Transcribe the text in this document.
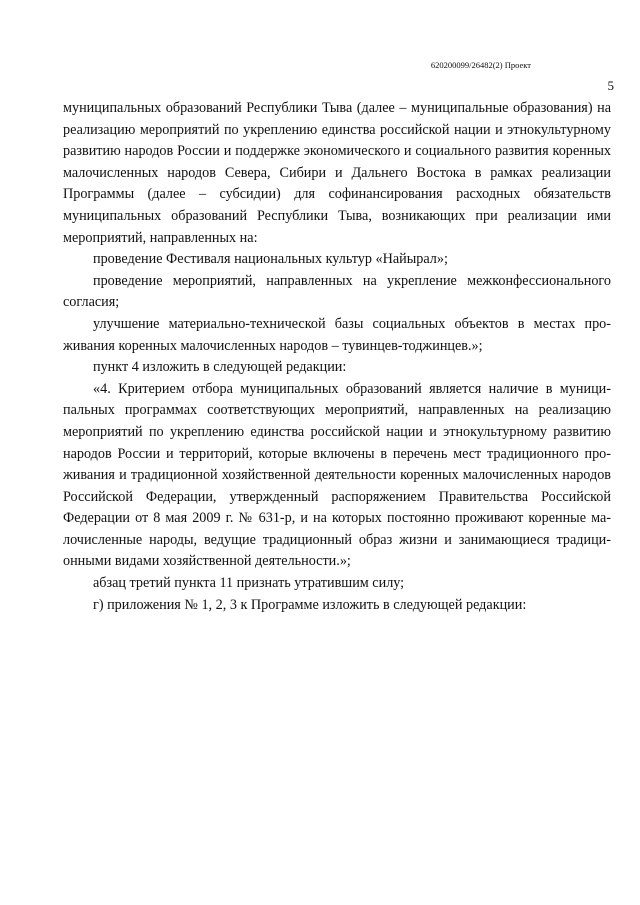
620200099/26482(2) Проект
5

муниципальных образований Республики Тыва (далее – муниципальные образования) на реализацию мероприятий по укреплению единства российской нации и этнокультурному развитию народов России и поддержке экономического и социального развития коренных малочисленных народов Севера, Сибири и Дальнего Востока в рамках реализации Программы (далее – субсидии) для софинансирования расходных обязательств муниципальных образований Республики Тыва, возникающих при реализации ими мероприятий, направленных на:

проведение Фестиваля национальных культур «Найырал»;

проведение мероприятий, направленных на укрепление межконфессионального согласия;

улучшение материально-технической базы социальных объектов в местах проживания коренных малочисленных народов – тувинцев-тоджинцев.»;

пункт 4 изложить в следующей редакции:

«4. Критерием отбора муниципальных образований является наличие в муниципальных программах соответствующих мероприятий, направленных на реализацию мероприятий по укреплению единства российской нации и этнокультурному развитию народов России и территорий, которые включены в перечень мест традиционного проживания и традиционной хозяйственной деятельности коренных малочисленных народов Российской Федерации, утвержденный распоряжением Правительства Российской Федерации от 8 мая 2009 г. № 631-р, и на которых постоянно проживают коренные малочисленные народы, ведущие традиционный образ жизни и занимающиеся традиционными видами хозяйственной деятельности.»;

абзац третий пункта 11 признать утратившим силу;

г) приложения № 1, 2, 3 к Программе изложить в следующей редакции:
